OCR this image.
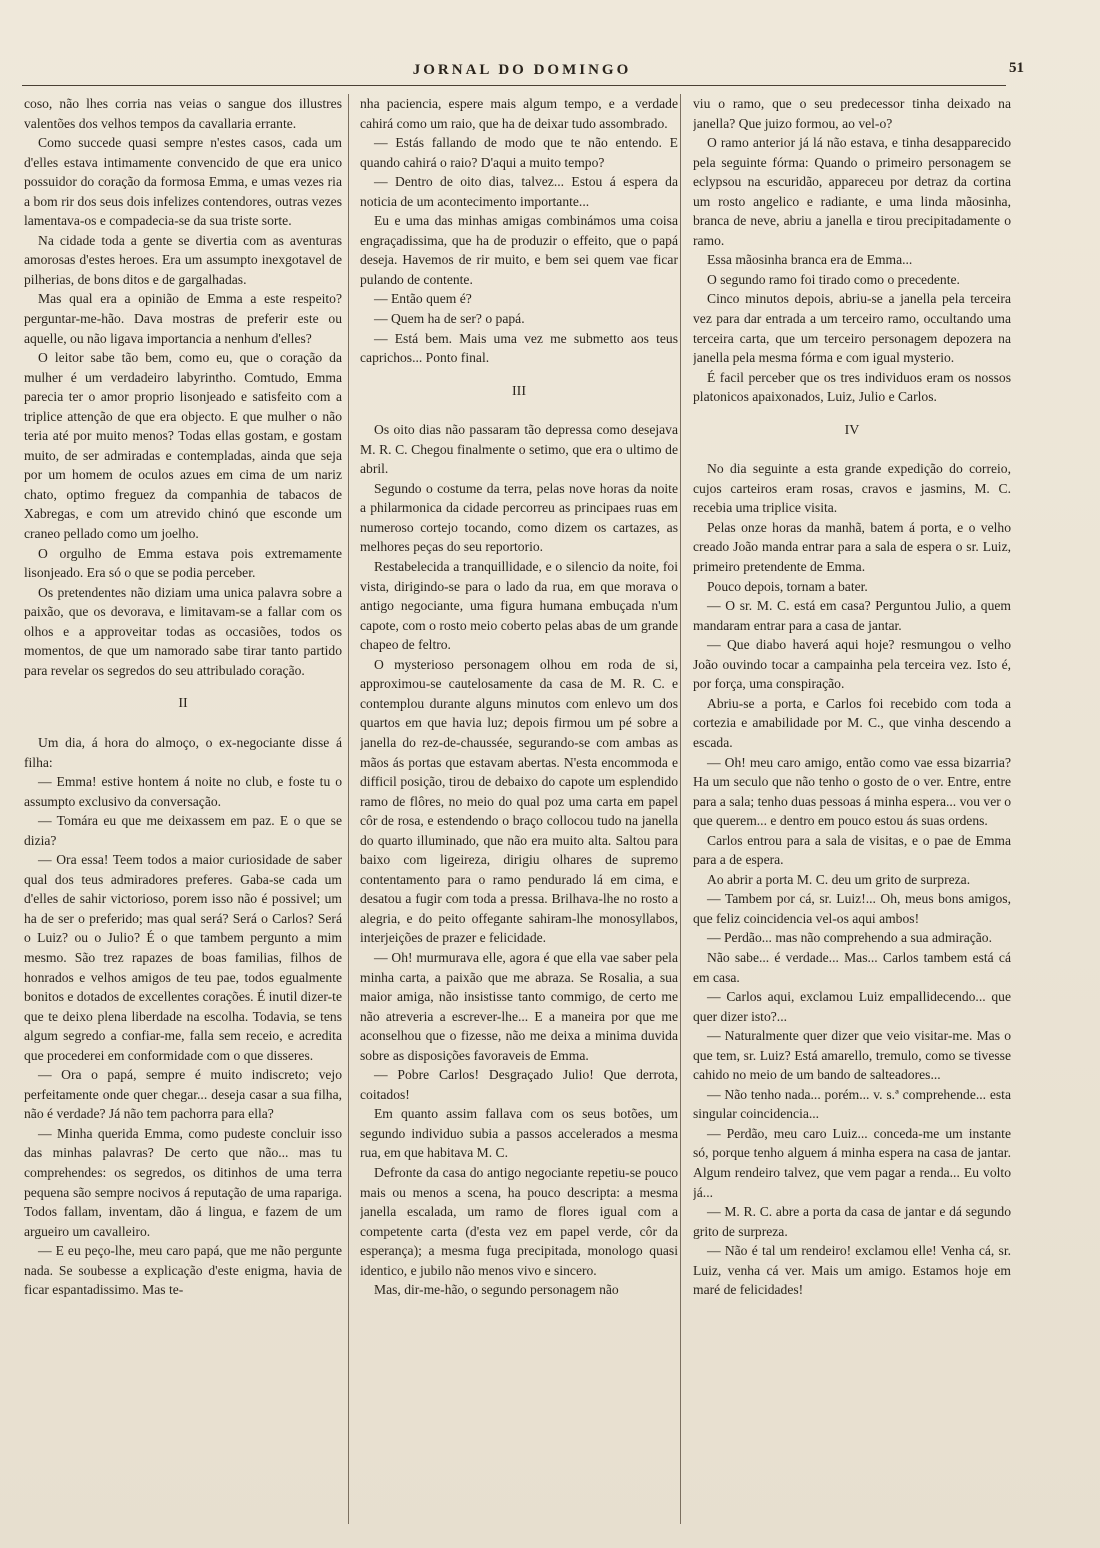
JORNAL DO DOMINGO	51

coso, não lhes corria nas veias o sangue dos illustres valentões dos velhos tempos da cavallaria errante.

Como succede quasi sempre n'estes casos, cada um d'elles estava intimamente convencido de que era unico possuidor do coração da formosa Emma, e umas vezes ria a bom rir dos seus dois infelizes contendores, outras vezes lamentava-os e compadecia-se da sua triste sorte.

Na cidade toda a gente se divertia com as aventuras amorosas d'estes heroes. Era um assumpto inexgotavel de pilherias, de bons ditos e de gargalhadas.

Mas qual era a opinião de Emma a este respeito? perguntar-me-hão. Dava mostras de preferir este ou aquelle, ou não ligava importancia a nenhum d'elles?

O leitor sabe tão bem, como eu, que o coração da mulher é um verdadeiro labyrintho. Comtudo, Emma parecia ter o amor proprio lisonjeado e satisfeito com a triplice attenção de que era objecto. E que mulher o não teria até por muito menos? Todas ellas gostam, e gostam muito, de ser admiradas e contempladas, ainda que seja por um homem de oculos azues em cima de um nariz chato, optimo freguez da companhia de tabacos de Xabregas, e com um atrevido chinó que esconde um craneo pellado como um joelho.

O orgulho de Emma estava pois extremamente lisonjeado. Era só o que se podia perceber.

Os pretendentes não diziam uma unica palavra sobre a paixão, que os devorava, e limitavam-se a fallar com os olhos e a approveitar todas as occasiões, todos os momentos, de que um namorado sabe tirar tanto partido para revelar os segredos do seu attribulado coração.

II

Um dia, á hora do almoço, o ex-negociante disse á filha:

— Emma! estive hontem á noite no club, e foste tu o assumpto exclusivo da conversação.

— Tomára eu que me deixassem em paz. E o que se dizia?

— Ora essa! Teem todos a maior curiosidade de saber qual dos teus admiradores preferes. Gaba-se cada um d'elles de sahir victorioso, porem isso não é possivel; um ha de ser o preferido; mas qual será? Será o Carlos? Será o Luiz? ou o Julio? É o que tambem pergunto a mim mesmo. São trez rapazes de boas familias, filhos de honrados e velhos amigos de teu pae, todos egualmente bonitos e dotados de excellentes corações. É inutil dizer-te que te deixo plena liberdade na escolha. Todavia, se tens algum segredo a confiar-me, falla sem receio, e acredita que procederei em conformidade com o que disseres.

— Ora o papá, sempre é muito indiscreto; vejo perfeitamente onde quer chegar... deseja casar a sua filha, não é verdade? Já não tem pachorra para ella?

— Minha querida Emma, como pudeste concluir isso das minhas palavras? De certo que não... mas tu comprehendes: os segredos, os ditinhos de uma terra pequena são sempre nocivos á reputação de uma rapariga. Todos fallam, inventam, dão á lingua, e fazem de um argueiro um cavalleiro.

— E eu peço-lhe, meu caro papá, que me não pergunte nada. Se soubesse a explicação d'este enigma, havia de ficar espantadissimo. Mas te-

nha paciencia, espere mais algum tempo, e a verdade cahirá como um raio, que ha de deixar tudo assombrado.

— Estás fallando de modo que te não entendo. E quando cahirá o raio? D'aqui a muito tempo?

— Dentro de oito dias, talvez... Estou á espera da noticia de um acontecimento importante...

Eu e uma das minhas amigas combinámos uma coisa engraçadissima, que ha de produzir o effeito, que o papá deseja. Havemos de rir muito, e bem sei quem vae ficar pulando de contente.

— Então quem é?

— Quem ha de ser? o papá.

— Está bem. Mais uma vez me submetto aos teus caprichos... Ponto final.

III

Os oito dias não passaram tão depressa como desejava M. R. C. Chegou finalmente o setimo, que era o ultimo de abril.

Segundo o costume da terra, pelas nove horas da noite a philarmonica da cidade percorreu as principaes ruas em numeroso cortejo tocando, como dizem os cartazes, as melhores peças do seu reportorio.

Restabelecida a tranquillidade, e o silencio da noite, foi vista, dirigindo-se para o lado da rua, em que morava o antigo negociante, uma figura humana embuçada n'um capote, com o rosto meio coberto pelas abas de um grande chapeo de feltro.

O mysterioso personagem olhou em roda de si, approximou-se cautelosamente da casa de M. R. C. e contemplou durante alguns minutos com enlevo um dos quartos em que havia luz; depois firmou um pé sobre a janella do rez-de-chaussée, segurando-se com ambas as mãos ás portas que estavam abertas. N'esta encommoda e difficil posição, tirou de debaixo do capote um esplendido ramo de flôres, no meio do qual poz uma carta em papel côr de rosa, e estendendo o braço collocou tudo na janella do quarto illuminado, que não era muito alta. Saltou para baixo com ligeireza, dirigiu olhares de supremo contentamento para o ramo pendurado lá em cima, e desatou a fugir com toda a pressa. Brilhava-lhe no rosto a alegria, e do peito offegante sahiram-lhe monosyllabos, interjeições de prazer e felicidade.

— Oh! murmurava elle, agora é que ella vae saber pela minha carta, a paixão que me abraza. Se Rosalia, a sua maior amiga, não insistisse tanto commigo, de certo me não atreveria a escrever-lhe... E a maneira por que me aconselhou que o fizesse, não me deixa a minima duvida sobre as disposições favoraveis de Emma.

— Pobre Carlos! Desgraçado Julio! Que derrota, coitados!

Em quanto assim fallava com os seus botões, um segundo individuo subia a passos accelerados a mesma rua, em que habitava M. C.

Defronte da casa do antigo negociante repetiu-se pouco mais ou menos a scena, ha pouco descripta: a mesma janella escalada, um ramo de flores igual com a competente carta (d'esta vez em papel verde, côr da esperança); a mesma fuga precipitada, monologo quasi identico, e jubilo não menos vivo e sincero.

Mas, dir-me-hão, o segundo personagem não

viu o ramo, que o seu predecessor tinha deixado na janella? Que juizo formou, ao vel-o?

O ramo anterior já lá não estava, e tinha desapparecido pela seguinte fórma: Quando o primeiro personagem se eclypsou na escuridão, appareceu por detraz da cortina um rosto angelico e radiante, e uma linda mãosinha, branca de neve, abriu a janella e tirou precipitadamente o ramo.

Essa mãosinha branca era de Emma...

O segundo ramo foi tirado como o precedente.

Cinco minutos depois, abriu-se a janella pela terceira vez para dar entrada a um terceiro ramo, occultando uma terceira carta, que um terceiro personagem depozera na janella pela mesma fórma e com igual mysterio.

É facil perceber que os tres individuos eram os nossos platonicos apaixonados, Luiz, Julio e Carlos.

IV

No dia seguinte a esta grande expedição do correio, cujos carteiros eram rosas, cravos e jasmins, M. C. recebia uma triplice visita.

Pelas onze horas da manhã, batem á porta, e o velho creado João manda entrar para a sala de espera o sr. Luiz, primeiro pretendente de Emma.

Pouco depois, tornam a bater.

— O sr. M. C. está em casa? Perguntou Julio, a quem mandaram entrar para a casa de jantar.

— Que diabo haverá aqui hoje? resmungou o velho João ouvindo tocar a campainha pela terceira vez. Isto é, por força, uma conspiração.

Abriu-se a porta, e Carlos foi recebido com toda a cortezia e amabilidade por M. C., que vinha descendo a escada.

— Oh! meu caro amigo, então como vae essa bizarria? Ha um seculo que não tenho o gosto de o ver. Entre, entre para a sala; tenho duas pessoas á minha espera... vou ver o que querem... e dentro em pouco estou ás suas ordens.

Carlos entrou para a sala de visitas, e o pae de Emma para a de espera.

Ao abrir a porta M. C. deu um grito de surpreza.

— Tambem por cá, sr. Luiz!... Oh, meus bons amigos, que feliz coincidencia vel-os aqui ambos!

— Perdão... mas não comprehendo a sua admiração.

Não sabe... é verdade... Mas... Carlos tambem está cá em casa.

— Carlos aqui, exclamou Luiz empallidecendo... que quer dizer isto?...

— Naturalmente quer dizer que veio visitar-me. Mas o que tem, sr. Luiz? Está amarello, tremulo, como se tivesse cahido no meio de um bando de salteadores...

— Não tenho nada... porém... v. s.ª comprehende... esta singular coincidencia...

— Perdão, meu caro Luiz... conceda-me um instante só, porque tenho alguem á minha espera na casa de jantar. Algum rendeiro talvez, que vem pagar a renda... Eu volto já...

— M. R. C. abre a porta da casa de jantar e dá segundo grito de surpreza.

— Não é tal um rendeiro! exclamou elle! Venha cá, sr. Luiz, venha cá ver. Mais um amigo. Estamos hoje em maré de felicidades!
